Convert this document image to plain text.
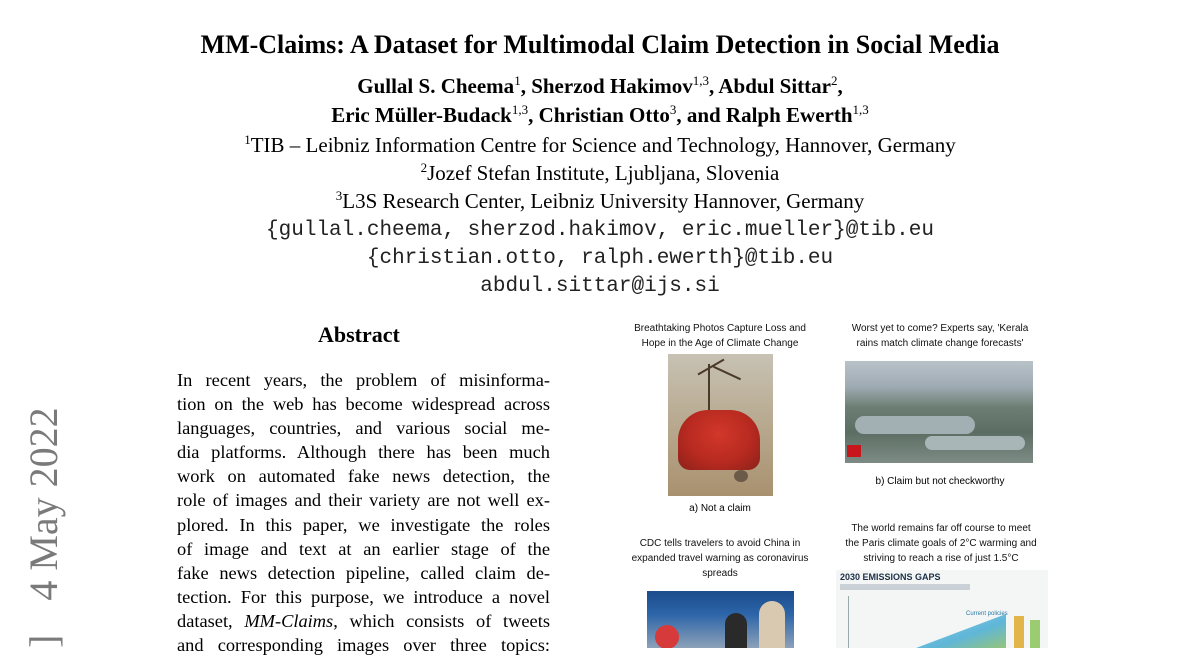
MM-Claims: A Dataset for Multimodal Claim Detection in Social Media
Gullal S. Cheema$^1$, Sherzod Hakimov$^{1,3}$, Abdul Sittar$^2$,
Eric Müller-Budack$^{1,3}$, Christian Otto$^3$, and Ralph Ewerth$^{1,3}$
$^1$TIB – Leibniz Information Centre for Science and Technology, Hannover, Germany
$^2$Jozef Stefan Institute, Ljubljana, Slovenia
$^3$L3S Research Center, Leibniz University Hannover, Germany
{gullal.cheema, sherzod.hakimov, eric.mueller}@tib.eu
{christian.otto, ralph.ewerth}@tib.eu
abdul.sittar@ijs.si
]  4 May 2022
Abstract
In recent years, the problem of misinforma-
tion on the web has become widespread across
languages, countries, and various social me-
dia platforms. Although there has been much
work on automated fake news detection, the
role of images and their variety are not well ex-
plored. In this paper, we investigate the roles
of image and text at an earlier stage of the
fake news detection pipeline, called claim de-
tection. For this purpose, we introduce a novel
dataset, MM-Claims, which consists of tweets
and corresponding images over three topics:
Breathtaking Photos Capture Loss and
Hope in the Age of Climate Change
a) Not a claim
Worst yet to come? Experts say, 'Kerala
rains match climate change forecasts'
b) Claim but not checkworthy
CDC tells travelers to avoid China in
expanded travel warning as coronavirus
spreads
The world remains far off course to meet
the Paris climate goals of 2°C warming and
striving to reach a rise of just 1.5°C
2030 EMISSIONS GAPS
Current policies
